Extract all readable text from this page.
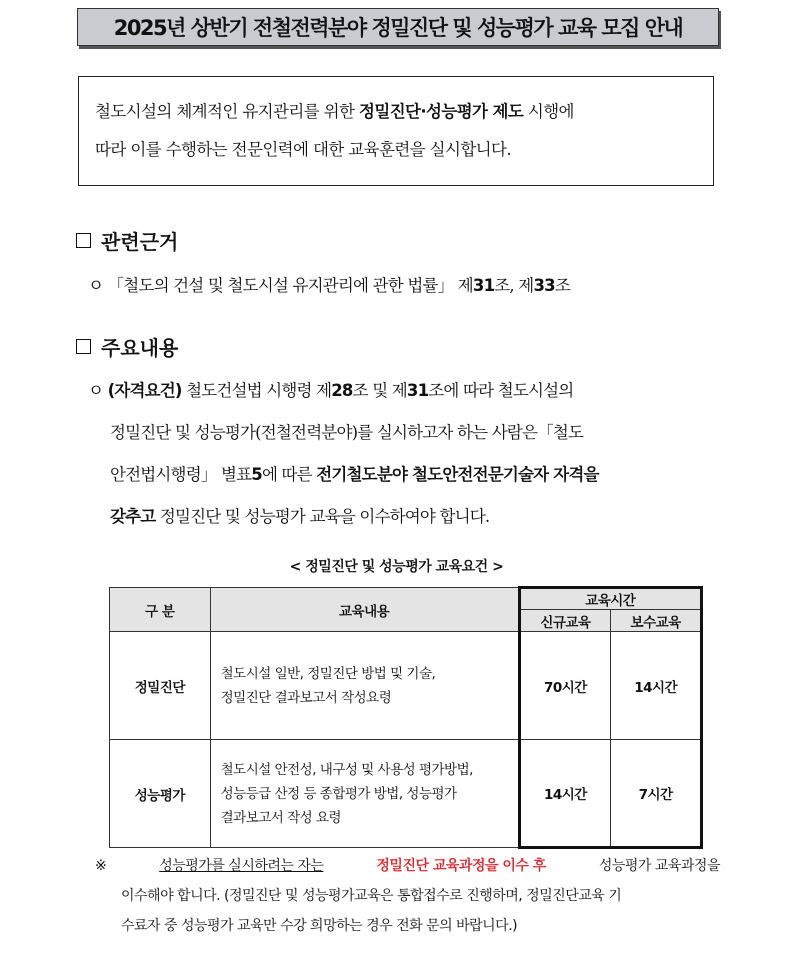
2025년 상반기 전철전력분야 정밀진단 및 성능평가 교육 모집 안내
철도시설의 체계적인 유지관리를 위한 정밀진단·성능평가 제도 시행에
따라 이를 수행하는 전문인력에 대한 교육훈련을 실시합니다.
관련근거
ㅇ 「철도의 건설 및 철도시설 유지관리에 관한 법률」 제31조, 제33조
주요내용
ㅇ (자격요건) 철도건설법 시행령 제28조 및 제31조에 따라 철도시설의
정밀진단 및 성능평가(전철전력분야)를 실시하고자 하는 사람은「철도
안전법시행령」 별표5에 따른 전기철도분야 철도안전전문기술자 자격을
갖추고 정밀진단 및 성능평가 교육을 이수하여야 합니다.
< 정밀진단 및 성능평가 교육요건 >
구 분	교육내용	교육시간	
		신규교육	보수교육
정밀진단	철도시설 일반, 정밀진단 방법 및 기술,
정밀진단 결과보고서 작성요령	70시간	14시간
성능평가	철도시설 안전성, 내구성 및 사용성 평가방법,
성능등급 산정 등 종합평가 방법, 성능평가
결과보고서 작성 요령	14시간	7시간
※	성능평가를 실시하려는 자는	정밀진단 교육과정을 이수 후	성능평가 교육과정을
이수해야 합니다. (정밀진단 및 성능평가교육은 통합접수로 진행하며, 정밀진단교육 기
수료자 중 성능평가 교육만 수강 희망하는 경우 전화 문의 바랍니다.)
